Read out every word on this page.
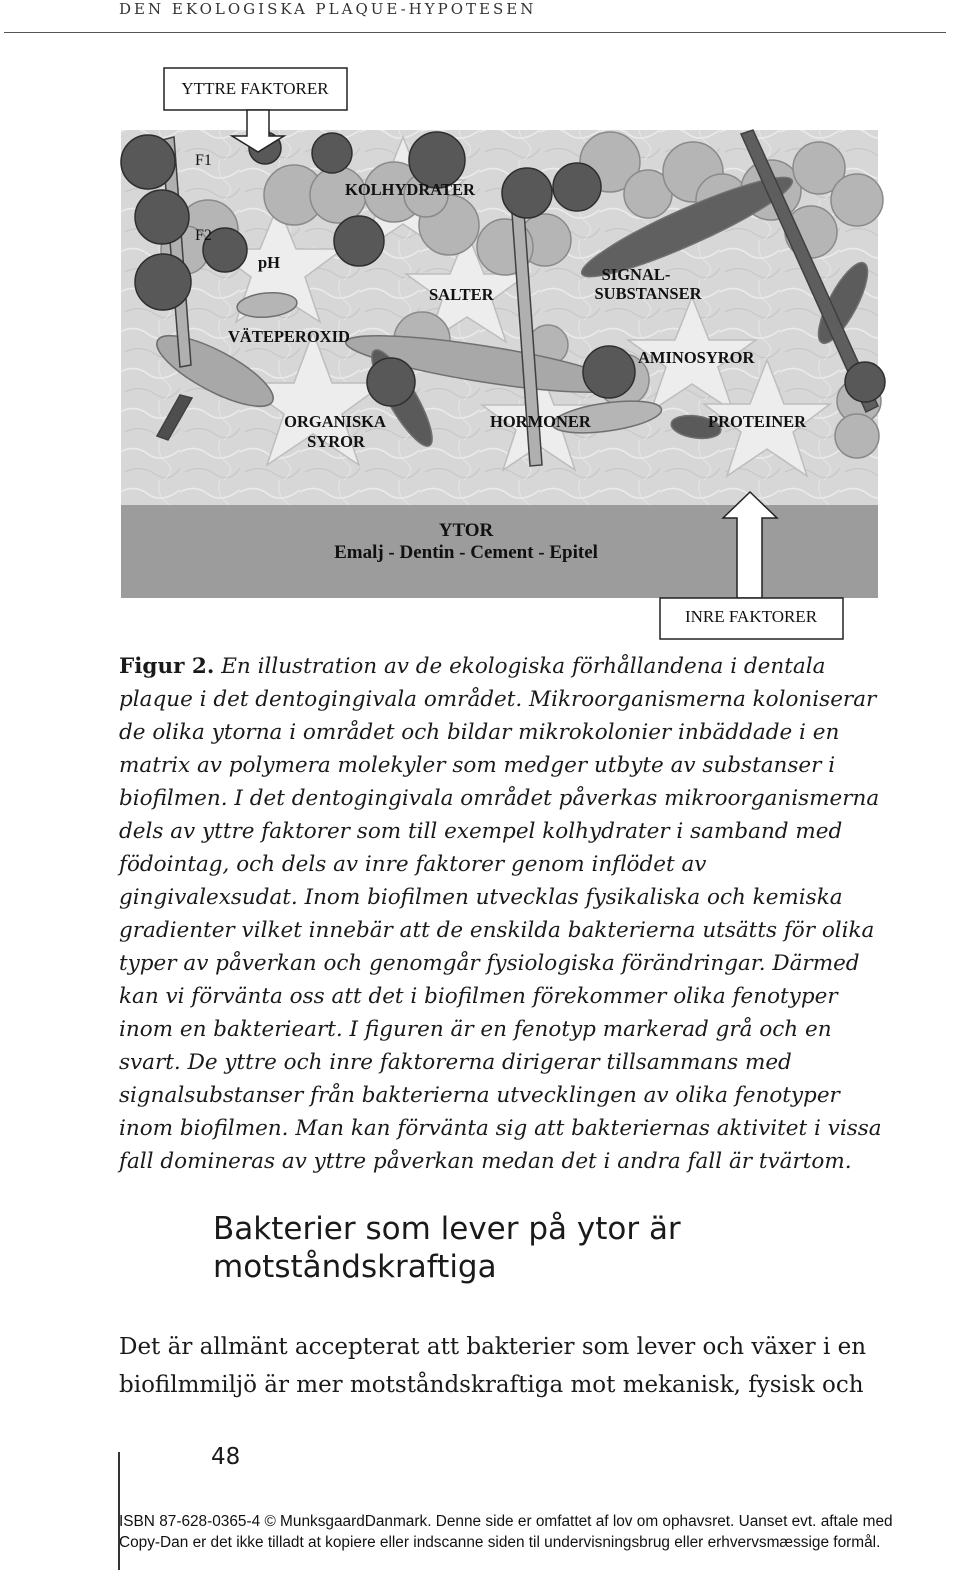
DEN EKOLOGISKA PLAQUE-HYPOTESEN
YTTRE FAKTORER
F1
F2
KOLHYDRATER
pH
SALTER
SIGNAL-
SUBSTANSER
VÄTEPEROXID
AMINOSYROR
ORGANISKA
SYROR
HORMONER	PROTEINER
YTOR
Emalj - Dentin - Cement - Epitel
INRE FAKTORER
Figur 2. En illustration av de ekologiska förhållandena i dentala plaque i det dentogingivala området. Mikroorganismerna koloniserar de olika ytorna i området och bildar mikrokolonier inbäddade i en matrix av polymera molekyler som medger utbyte av substanser i biofilmen. I det dentogingivala området påverkas mikroorganismerna dels av yttre faktorer som till exempel kolhydrater i samband med födointag, och dels av inre faktorer genom inflödet av gingivalexsudat. Inom biofilmen utvecklas fysikaliska och kemiska gradienter vilket innebär att de enskilda bakterierna utsätts för olika typer av påverkan och genomgår fysiologiska förändringar. Därmed kan vi förvänta oss att det i biofilmen förekommer olika fenotyper inom en bakterieart. I figuren är en fenotyp markerad grå och en svart. De yttre och inre faktorerna dirigerar tillsammans med signalsubstanser från bakterierna utvecklingen av olika fenotyper inom biofilmen. Man kan förvänta sig att bakteriernas aktivitet i vissa fall domineras av yttre påverkan medan det i andra fall är tvärtom.
Bakterier som lever på ytor är motståndskraftiga
Det är allmänt accepterat att bakterier som lever och växer i en biofilmmiljö är mer motståndskraftiga mot mekanisk, fysisk och
48
ISBN 87-628-0365-4 © MunksgaardDanmark. Denne side er omfattet af lov om ophavsret. Uanset evt. aftale med
Copy-Dan er det ikke tilladt at kopiere eller indscanne siden til undervisningsbrug eller erhvervsmæssige formål.
